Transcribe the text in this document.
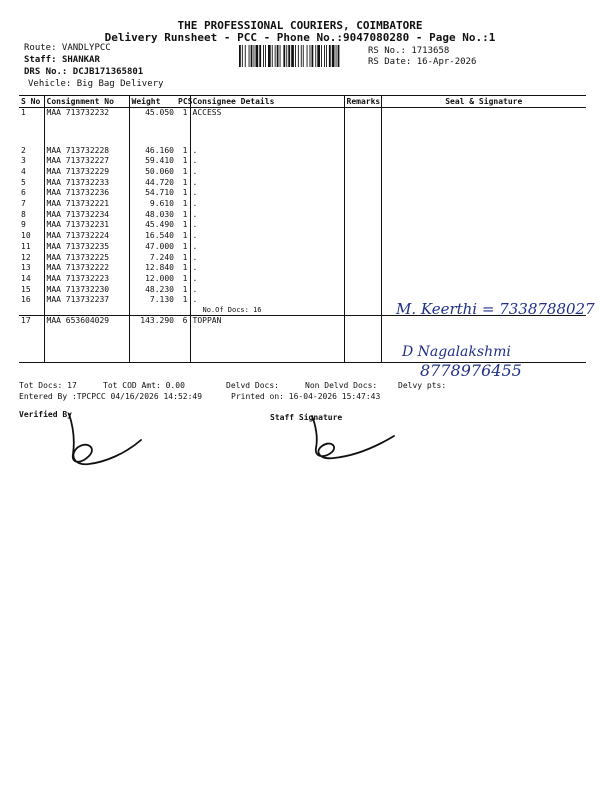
THE PROFESSIONAL COURIERS, COIMBATORE
Delivery Runsheet - PCC - Phone No.:9047080280 - Page No.:1
Route: VANDLYPCC
Staff: SHANKAR
DRS No.: DCJB171365801
Vehicle: Big Bag Delivery
RS No.: 1713658
RS Date: 16-Apr-2026
S No	Consignment No	Weight	PCS	Consignee Details	Remarks	Seal & Signature
1	MAA 713732232	45.050	1	ACCESS		
2	MAA 713732228	46.160	1	.		
3	MAA 713732227	59.410	1	.		
4	MAA 713732229	50.060	1	.		
5	MAA 713732233	44.720	1	.		
6	MAA 713732236	54.710	1	.		
7	MAA 713732221	9.610	1	.		
8	MAA 713732234	48.030	1	.		
9	MAA 713732231	45.490	1	.		
10	MAA 713732224	16.540	1	.		
11	MAA 713732235	47.000	1	.		
12	MAA 713732225	7.240	1	.		
13	MAA 713732222	12.840	1	.		
14	MAA 713732223	12.000	1	.		
15	MAA 713732230	48.230	1	.		
16	MAA 713732237	7.130	1	.
No.Of Docs: 16		

17	MAA 653604029	143.290	6	TOPPAN		
M. Keerthi = 7338788027
D Nagalakshmi
8778976455
Tot Docs: 17	Tot COD Amt: 0.00	Delvd Docs:	Non Delvd Docs:	Delvy pts:
Entered By :TPCPCC 04/16/2026 14:52:49	Printed on: 16-04-2026 15:47:43
Verified By	Staff Signature
